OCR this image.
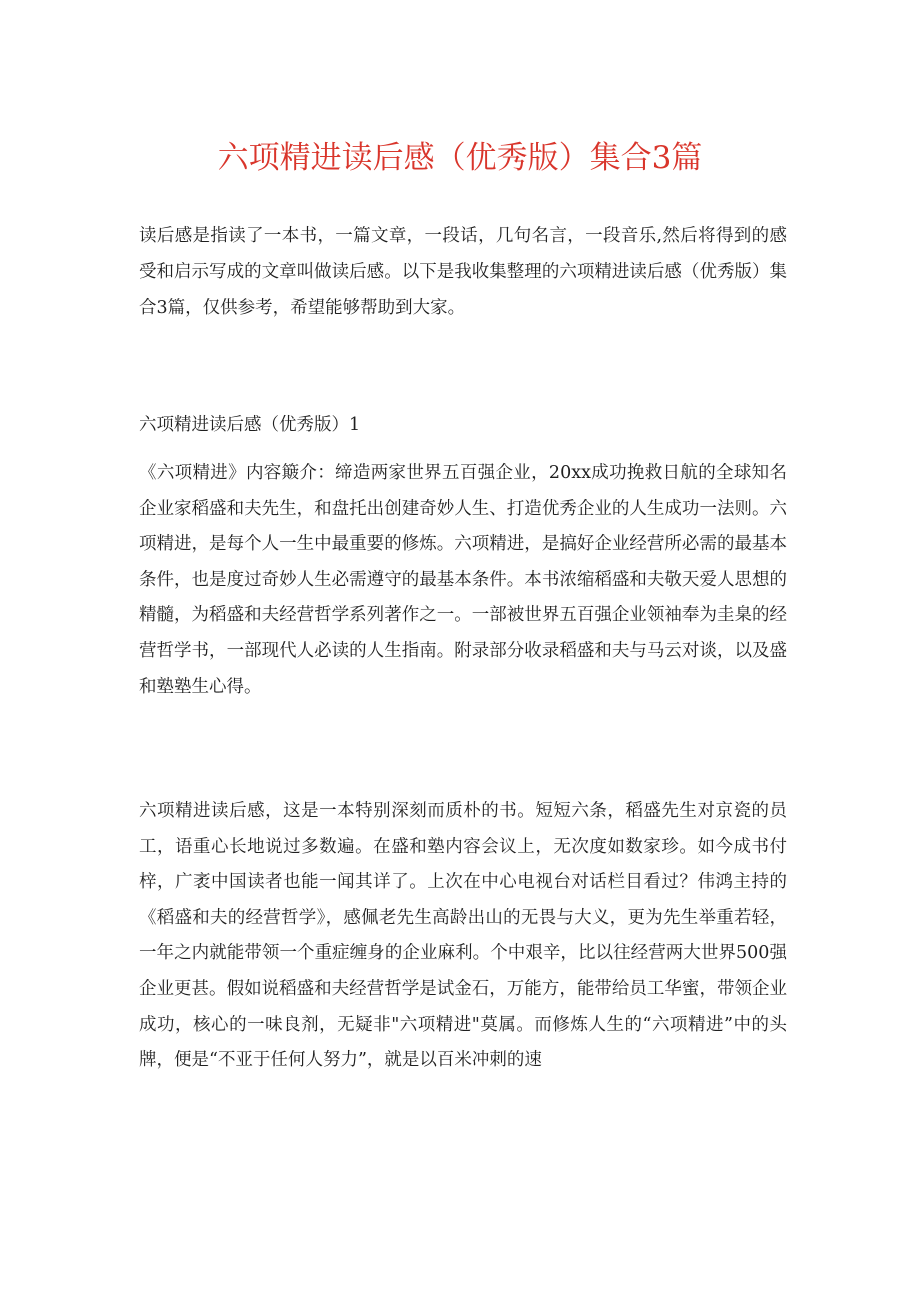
六项精进读后感（优秀版）集合3篇

读后感是指读了一本书，一篇文章，一段话，几句名言，一段音乐,然后将得到的感受和启示写成的文章叫做读后感。以下是我收集整理的六项精进读后感（优秀版）集合3篇，仅供参考，希望能够帮助到大家。

六项精进读后感（优秀版）1

《六项精进》内容簸介：缔造两家世界五百强企业，20xx成功挽救日航的全球知名企业家稻盛和夫先生，和盘托出创建奇妙人生、打造优秀企业的人生成功一法则。六项精进，是每个人一生中最重要的修炼。六项精进，是搞好企业经营所必需的最基本条件，也是度过奇妙人生必需遵守的最基本条件。本书浓缩稻盛和夫敬天爱人思想的精髓，为稻盛和夫经营哲学系列著作之一。一部被世界五百强企业领袖奉为圭臬的经营哲学书，一部现代人必读的人生指南。附录部分收录稻盛和夫与马云对谈，以及盛和塾塾生心得。

六项精进读后感，这是一本特别深刻而质朴的书。短短六条，稻盛先生对京瓷的员工，语重心长地说过多数遍。在盛和塾内容会议上，无次度如数家珍。如今成书付梓，广袤中国读者也能一闻其详了。上次在中心电视台对话栏目看过？伟鸿主持的《稻盛和夫的经营哲学》，感佩老先生高龄出山的无畏与大义，更为先生举重若轻，一年之内就能带领一个重症缠身的企业麻利。个中艰辛，比以往经营两大世界500强企业更甚。假如说稻盛和夫经营哲学是试金石，万能方，能带给员工华蜜，带领企业成功，核心的一味良剂，无疑非"六项精进"莫属。而修炼人生的“六项精进”中的头牌，便是“不亚于任何人努力”，就是以百米冲刺的速
